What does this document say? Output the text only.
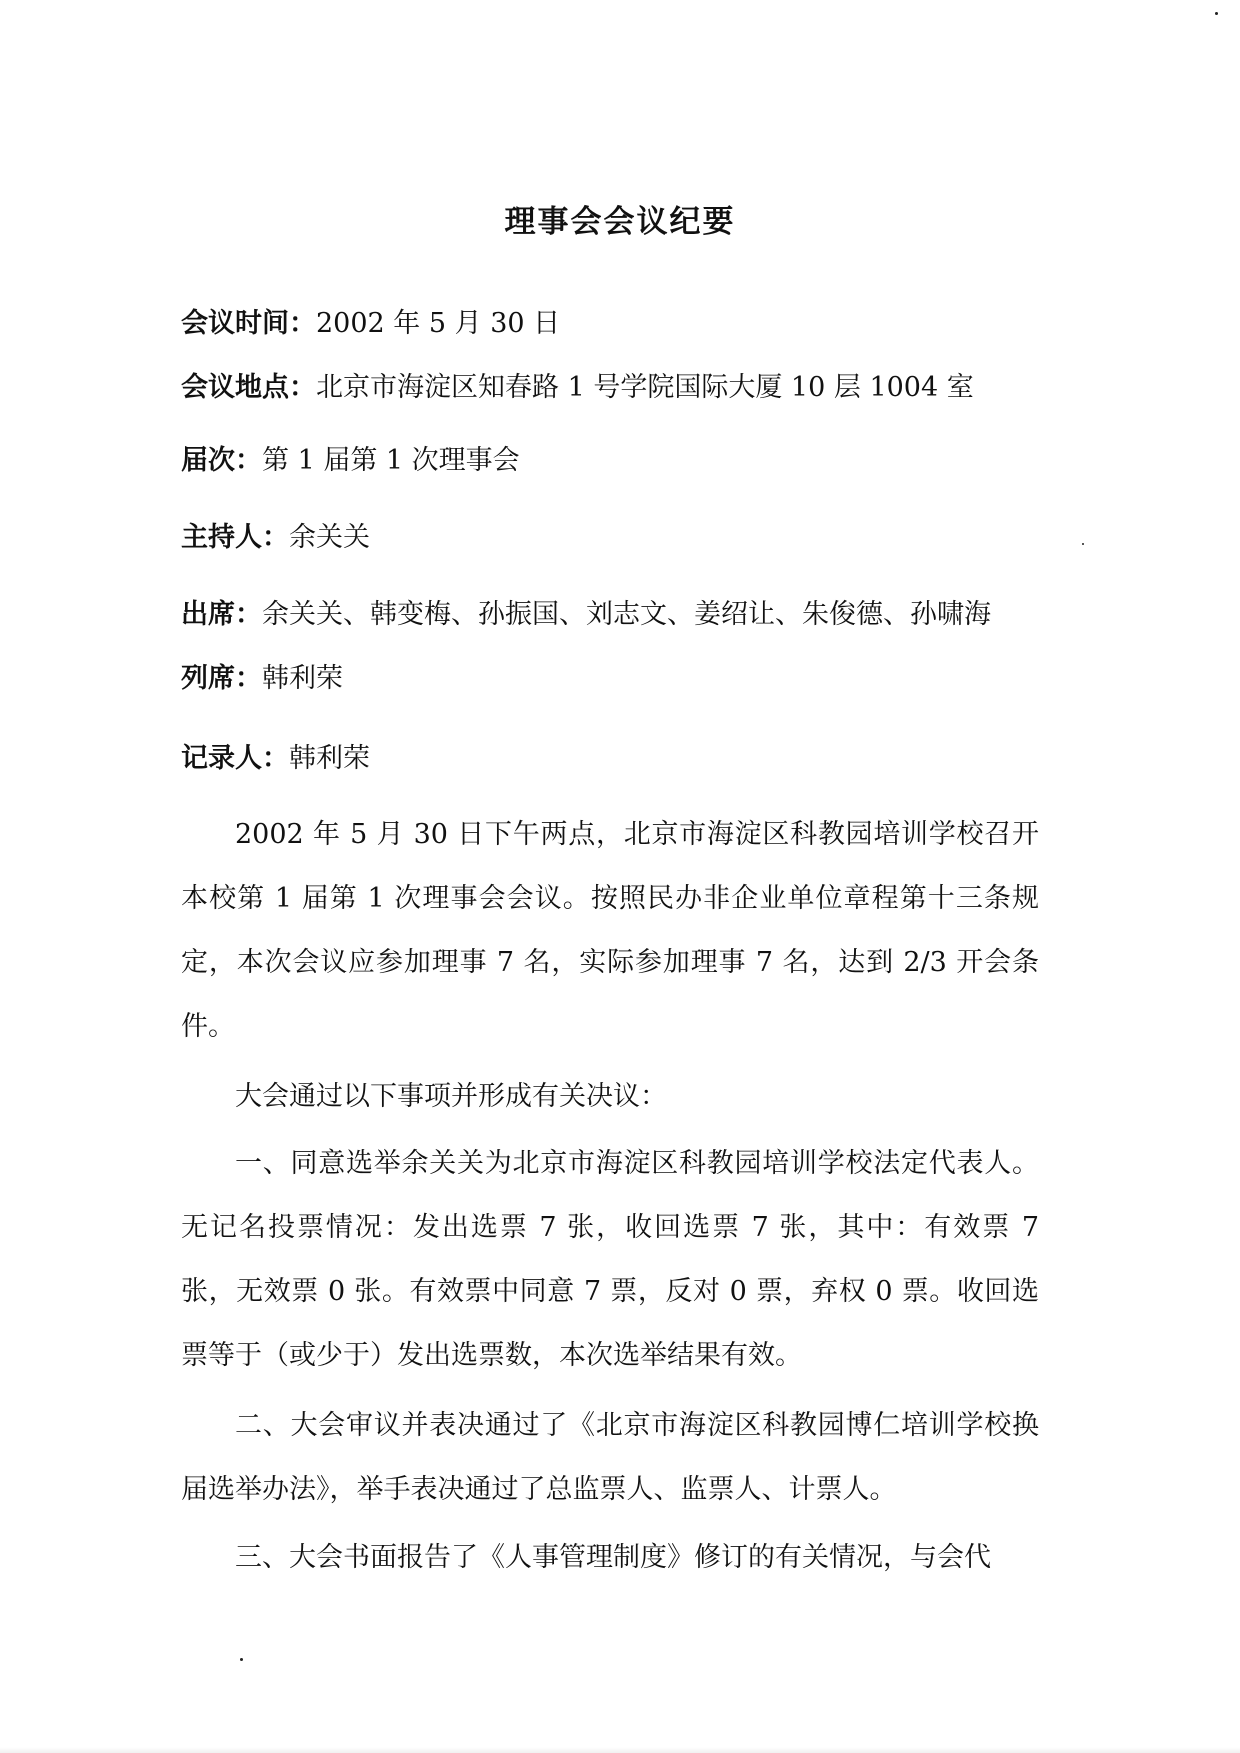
理事会会议纪要
会议时间：2002 年 5 月 30 日
会议地点：北京市海淀区知春路 1 号学院国际大厦 10 层 1004 室
届次：第 1 届第 1 次理事会
主持人：余关关
出席：余关关、韩变梅、孙振国、刘志文、姜绍让、朱俊德、孙啸海
列席：韩利荣
记录人：韩利荣
2002 年 5 月 30 日下午两点，北京市海淀区科教园培训学校召开本校第 1 届第 1 次理事会会议。按照民办非企业单位章程第十三条规定，本次会议应参加理事 7 名，实际参加理事 7 名，达到 2/3 开会条件。
大会通过以下事项并形成有关决议：
一、同意选举余关关为北京市海淀区科教园培训学校法定代表人。无记名投票情况：发出选票 7 张，收回选票 7 张，其中：有效票 7 张，无效票 0 张。有效票中同意 7 票，反对 0 票，弃权 0 票。收回选票等于（或少于）发出选票数，本次选举结果有效。
二、大会审议并表决通过了《北京市海淀区科教园博仁培训学校换届选举办法》，举手表决通过了总监票人、监票人、计票人。
三、大会书面报告了《人事管理制度》修订的有关情况，与会代
